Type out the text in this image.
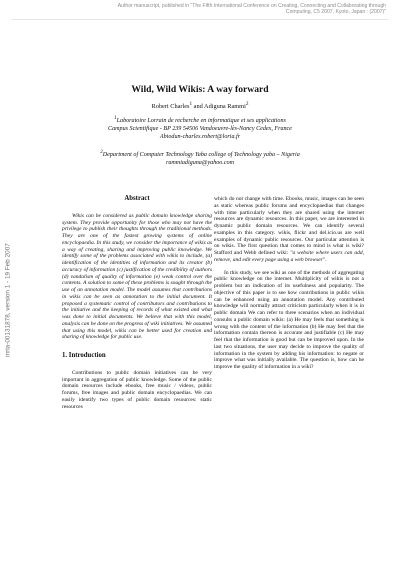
Author manuscript, published in "The Fifth International Conference on Creating, Connecting and Collaborating through
Computing, C5 2007, Kyoto, Japan : (2007)"
inria-00131878, version 1 - 19 Feb 2007
Wild, Wild Wikis: A way forward
Robert Charles$^1$ and Adiguna Rammi$^2$
$^1$Laboratoire Lorrain de recherche en informatique et ses applications
Campus Scientifique - BP 239 54506 Vandoeuvre-lès-Nancy Cedex, France
Abiodun-charles.robert@loria.fr
$^2$Department of Computer Technology Yaba college of Technology yaba – Nigeria
rammiadiguna@yahoo.com
Abstract

Wikis can be considered as public domain knowledge sharing system. They provide opportunity for those who may not have the privilege to publish their thoughts through the traditional methods. They are one of the fastest growing systems of online encyclopaedia. In this study, we consider the importance of wikis as a way of creating, sharing and improving public knowledge. We identify some of the problems associated with wikis to include, (a) identification of the identities of information and its creator (b) accuracy of information (c) justification of the credibility of authors (d) vandalism of quality of information (e) weak control over the contents. A solution to some of these problems is sought through the use of an annotation model. The model assumes that contributions in wikis can be seen as annotation to the initial document. It proposed a systematic control of contributors and contributions to the initiative and the keeping of records of what existed and what was done to initial documents. We believe that with this model, analysis can be done on the progress of wiki initiatives. We assumed that using this model, wikis can be better used for creation and sharing of knowledge for public use.

1. Introduction

Contributions to public domain initiatives can be very important in aggregation of public knowledge. Some of the public domain resources include ebooks, free music / videos, public forums, free images and public domain encyclopaedias. We can easily identify two types of public domain resources: static resources

which do not change with time. Ebooks, music, images can be seen as static whereas public forums and encyclopaedias that changes with time particularly when they are shared using the internet resources are dynamic resources. In this paper, we are interested in dynamic public domain resources. We can identify several examples in this category. wikis, flickr and del.icio.us are well examples of dynamic public resources. Our particular attention is on wikis. The first question that comes to mind is what is wiki? Stafford and Webb defined wiki: "a website where users can add, remove, and edit every page using a web browser".

In this study, we see wiki as one of the methods of aggregating public knowledge on the internet. Multiplicity of wikis is not a problem but an indication of its usefulness and popularity. The objective of this paper is to see how contributions in public wikis can be enhanced using an annotation model. Any contributed knowledge will normally attract criticism particularly when it is in public domain We can refer to three scenarios when an individual consults a public domain wikis: (a) He may feels that something is wrong with the content of the information (b) He may feel that the information contain thereon is accurate and justifiable (c) He may feel that the information is good but can be improved upon. In the last two situations, the user may decide to improve the quality of information in the system by adding his information: to negate or improve what was initially available. The question is, how can he improve the quality of information in a wiki?
